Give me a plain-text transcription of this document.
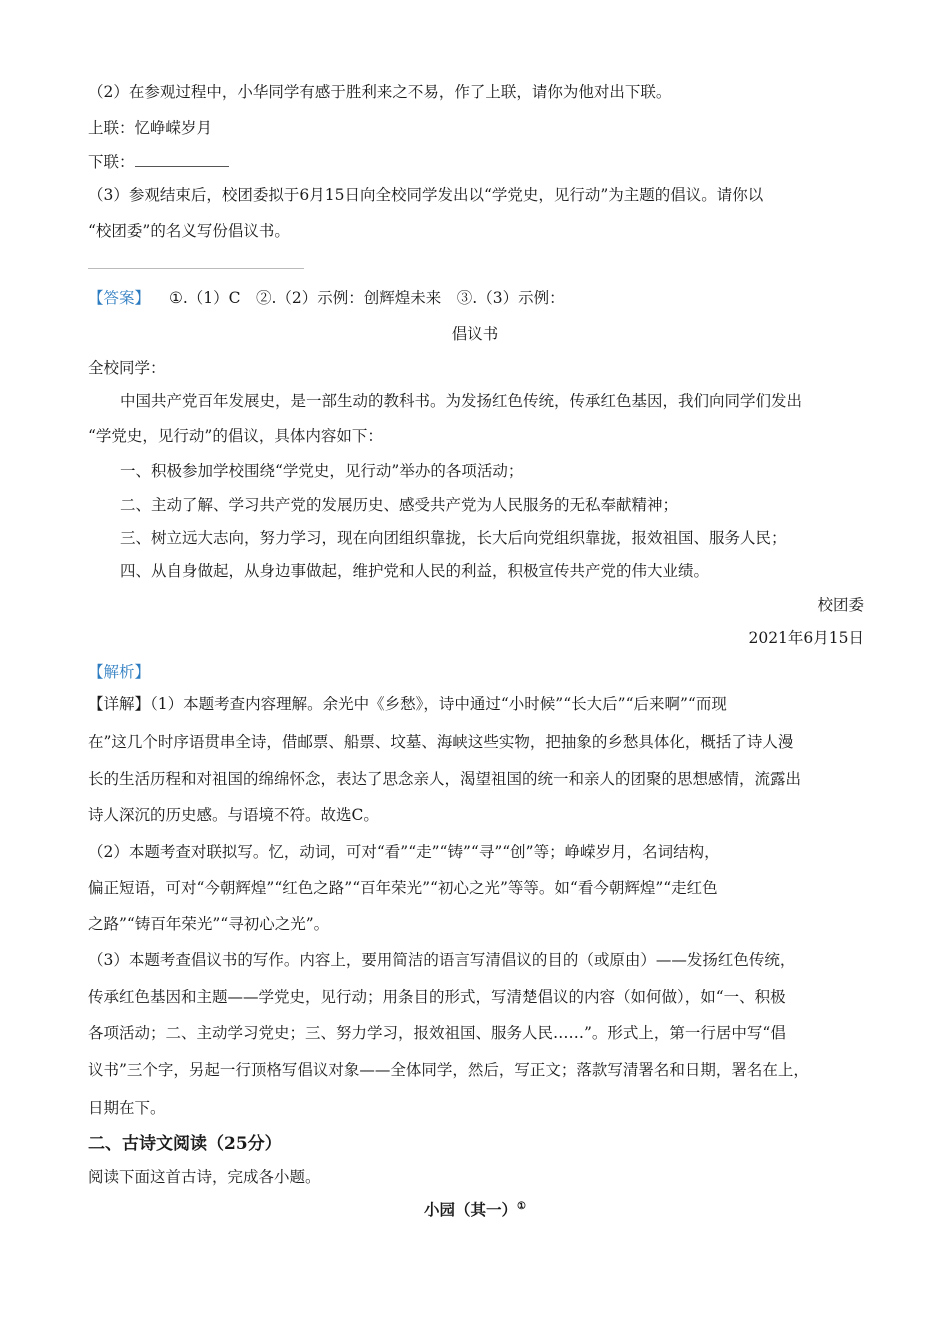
（2）在参观过程中，小华同学有感于胜利来之不易，作了上联，请你为他对出下联。
上联：忆峥嵘岁月
下联：
（3）参观结束后，校团委拟于6月15日向全校同学发出以“学党史，见行动”为主题的倡议。请你以
“校团委”的名义写份倡议书。
【答案】 ①.（1）C　②.（2）示例：创辉煌未来　③.（3）示例：
倡议书
全校同学：
中国共产党百年发展史，是一部生动的教科书。为发扬红色传统，传承红色基因，我们向同学们发出
“学党史，见行动”的倡议，具体内容如下：
一、积极参加学校围绕“学党史，见行动”举办的各项活动；
二、主动了解、学习共产党的发展历史、感受共产党为人民服务的无私奉献精神；
三、树立远大志向，努力学习，现在向团组织靠拢，长大后向党组织靠拢，报效祖国、服务人民；
四、从自身做起，从身边事做起，维护党和人民的利益，积极宣传共产党的伟大业绩。
校团委
2021年6月15日
【解析】
【详解】（1）本题考查内容理解。余光中《乡愁》，诗中通过“小时候”“长大后”“后来啊”“而现
在”这几个时序语贯串全诗，借邮票、船票、坟墓、海峡这些实物，把抽象的乡愁具体化，概括了诗人漫
长的生活历程和对祖国的绵绵怀念，表达了思念亲人，渴望祖国的统一和亲人的团聚的思想感情，流露出
诗人深沉的历史感。与语境不符。故选C。
（2）本题考查对联拟写。忆，动词，可对“看”“走”“铸”“寻”“创”等；峥嵘岁月，名词结构，
偏正短语，可对“今朝辉煌”“红色之路”“百年荣光”“初心之光”等等。如“看今朝辉煌”“走红色
之路”“铸百年荣光”“寻初心之光”。
（3）本题考查倡议书的写作。内容上，要用简洁的语言写清倡议的目的（或原由）——发扬红色传统，
传承红色基因和主题——学党史，见行动；用条目的形式，写清楚倡议的内容（如何做），如“一、积极
各项活动；二、主动学习党史；三、努力学习，报效祖国、服务人民……”。形式上，第一行居中写“倡
议书”三个字，另起一行顶格写倡议对象——全体同学，然后，写正文；落款写清署名和日期，署名在上，
日期在下。
二、古诗文阅读（25分）
阅读下面这首古诗，完成各小题。
小园（其一）①
